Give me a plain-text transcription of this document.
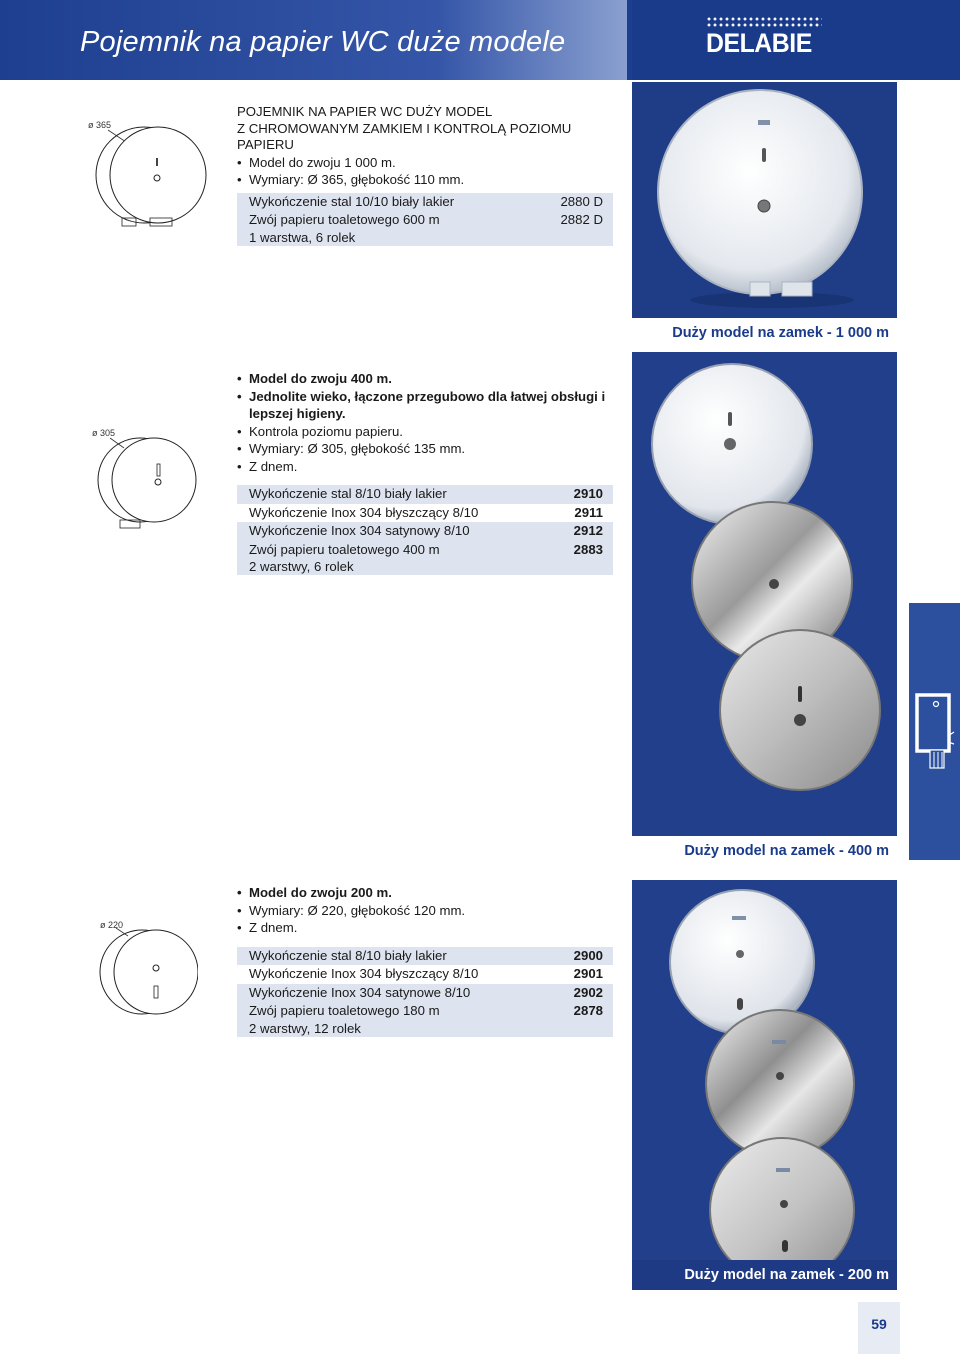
Pojemnik na papier WC duże modele	DELABIE
Duży model na zamek - 1 000 m
Duży model na zamek - 400 m
Duży model na zamek - 200 m
ø 365
ø 305
ø 220
POJEMNIK NA PAPIER WC DUŻY MODEL
Z CHROMOWANYM ZAMKIEM I KONTROLĄ POZIOMU
PAPIERU
• Model do zwoju 1 000 m.
• Wymiary: Ø 365, głębokość 110 mm.
Wykończenie stal 10/10 biały lakier	2880 D
Zwój papieru toaletowego 600 m	2882 D
1 warstwa, 6 rolek
• Model do zwoju 400 m.
• Jednolite wieko, łączone przegubowo dla łatwej obsługi i lepszej higieny.
• Kontrola poziomu papieru.
• Wymiary: Ø 305, głębokość 135 mm.
• Z dnem.
Wykończenie stal 8/10 biały lakier	2910
Wykończenie Inox 304 błyszczący 8/10	2911
Wykończenie Inox 304 satynowy 8/10	2912
Zwój papieru toaletowego 400 m	2883
2 warstwy, 6 rolek
• Model do zwoju 200 m.
• Wymiary: Ø 220, głębokość 120 mm.
• Z dnem.
Wykończenie stal 8/10 biały lakier	2900
Wykończenie Inox 304 błyszczący 8/10	2901
Wykończenie Inox 304 satynowe 8/10	2902
Zwój papieru toaletowego 180 m	2878
2 warstwy, 12 rolek
59
